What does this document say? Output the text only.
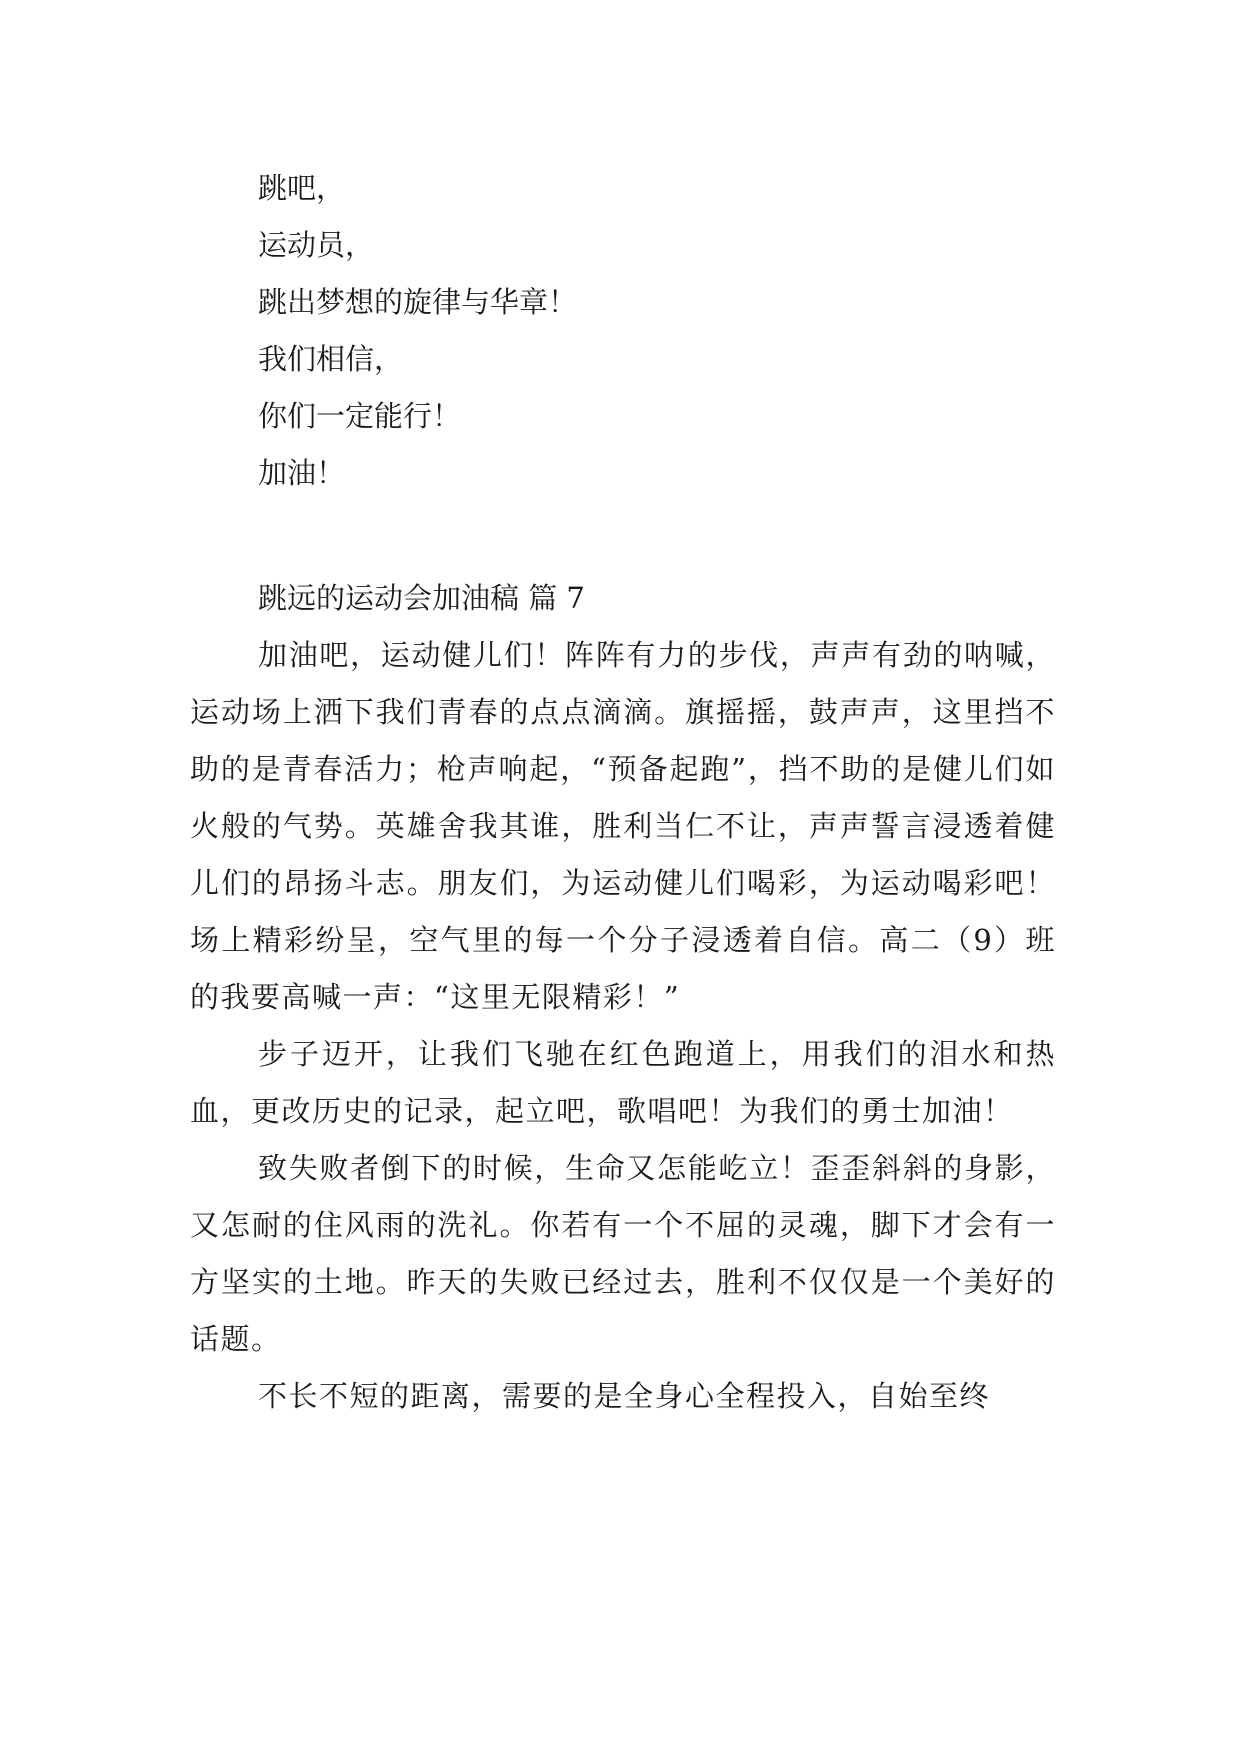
跳吧，
运动员，
跳出梦想的旋律与华章！
我们相信，
你们一定能行！
加油！
跳远的运动会加油稿 篇 7

加油吧，运动健儿们！阵阵有力的步伐，声声有劲的呐喊，运动场上洒下我们青春的点点滴滴。旗摇摇，鼓声声，这里挡不助的是青春活力；枪声响起，“预备起跑”，挡不助的是健儿们如火般的气势。英雄舍我其谁，胜利当仁不让，声声誓言浸透着健儿们的昂扬斗志。朋友们，为运动健儿们喝彩，为运动喝彩吧！场上精彩纷呈，空气里的每一个分子浸透着自信。高二（9）班的我要高喊一声：“这里无限精彩！”

步子迈开，让我们飞驰在红色跑道上，用我们的泪水和热血，更改历史的记录，起立吧，歌唱吧！为我们的勇士加油！

致失败者倒下的时候，生命又怎能屹立！歪歪斜斜的身影，又怎耐的住风雨的洗礼。你若有一个不屈的灵魂，脚下才会有一方坚实的土地。昨天的失败已经过去，胜利不仅仅是一个美好的话题。

不长不短的距离，需要的是全身心全程投入，自始至终
